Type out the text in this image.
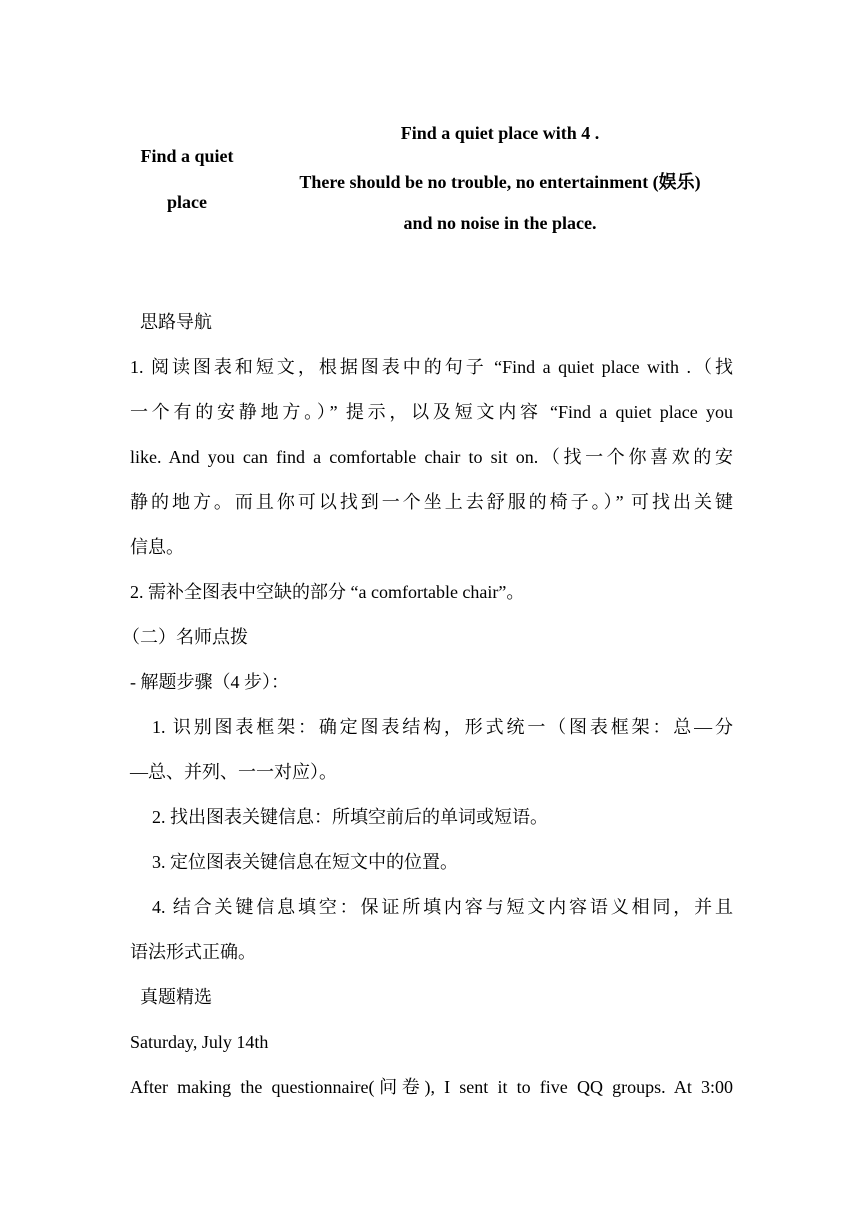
Find a quiet
place
Find a quiet place with 4 .
There should be no trouble, no entertainment (娱乐)
and no noise in the place.
思路导航
1. 阅读图表和短文，根据图表中的句子 “Find a quiet place with .（找
一个有的安静地方。）” 提示，以及短文内容 “Find a quiet place you
like. And you can find a comfortable chair to sit on.（找一个你喜欢的安
静的地方。而且你可以找到一个坐上去舒服的椅子。）” 可找出关键
信息。
2. 需补全图表中空缺的部分 “a comfortable chair”。
（二）名师点拨
- 解题步骤（4 步）：
1. 识别图表框架：确定图表结构，形式统一（图表框架：总—分
—总、并列、一一对应）。
2. 找出图表关键信息：所填空前后的单词或短语。
3. 定位图表关键信息在短文中的位置。
4. 结合关键信息填空：保证所填内容与短文内容语义相同，并且
语法形式正确。
真题精选
Saturday, July 14th
After making the questionnaire(问卷), I sent it to five QQ groups. At 3:00
